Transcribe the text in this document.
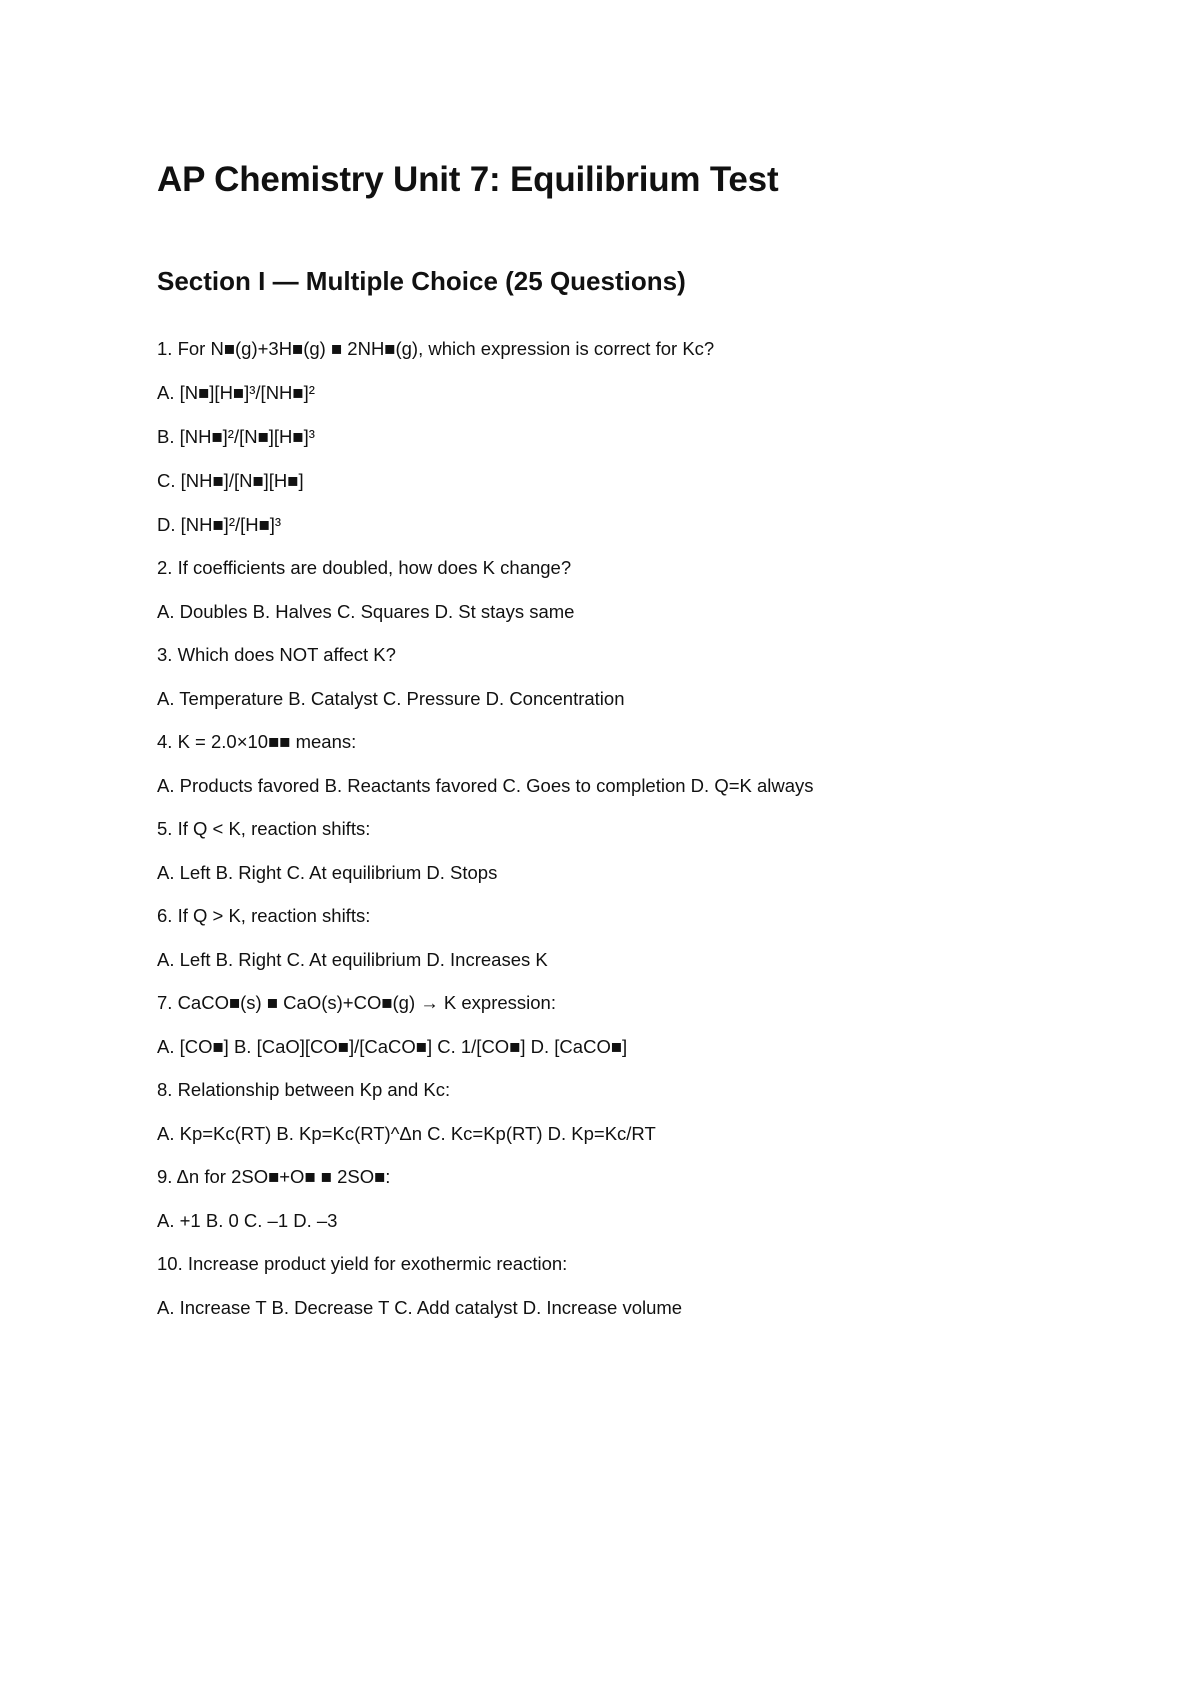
AP Chemistry Unit 7: Equilibrium Test
Section I — Multiple Choice (25 Questions)

1. For N■(g)+3H■(g) ■ 2NH■(g), which expression is correct for Kc?

A. [N■][H■]³/[NH■]²

B. [NH■]²/[N■][H■]³

C. [NH■]/[N■][H■]

D. [NH■]²/[H■]³

2. If coefficients are doubled, how does K change?

A. Doubles B. Halves C. Squares D. St stays same

3. Which does NOT affect K?

A. Temperature B. Catalyst C. Pressure D. Concentration

4. K = 2.0×10■■ means:

A. Products favored B. Reactants favored C. Goes to completion D. Q=K always

5. If Q < K, reaction shifts:

A. Left B. Right C. At equilibrium D. Stops

6. If Q > K, reaction shifts:

A. Left B. Right C. At equilibrium D. Increases K

7. CaCO■(s) ■ CaO(s)+CO■(g) → K expression:

A. [CO■] B. [CaO][CO■]/[CaCO■] C. 1/[CO■] D. [CaCO■]

8. Relationship between Kp and Kc:

A. Kp=Kc(RT) B. Kp=Kc(RT)^Δn C. Kc=Kp(RT) D. Kp=Kc/RT

9. Δn for 2SO■+O■ ■ 2SO■:

A. +1 B. 0 C. –1 D. –3

10. Increase product yield for exothermic reaction:

A. Increase T B. Decrease T C. Add catalyst D. Increase volume
